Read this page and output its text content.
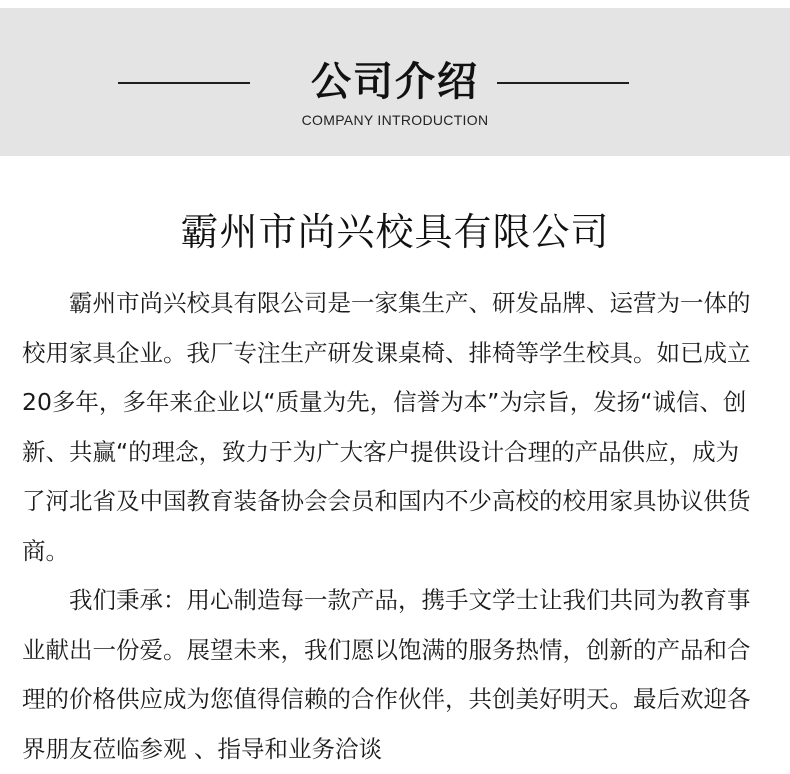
公司介绍
COMPANY INTRODUCTION
霸州市尚兴校具有限公司

霸州市尚兴校具有限公司是一家集生产、研发品牌、运营为一体的校用家具企业。我厂专注生产研发课桌椅、排椅等学生校具。如已成立20多年，多年来企业以“质量为先，信誉为本”为宗旨，发扬“诚信、创新、共赢“的理念，致力于为广大客户提供设计合理的产品供应，成为了河北省及中国教育装备协会会员和国内不少高校的校用家具协议供货商。

我们秉承：用心制造每一款产品，携手文学士让我们共同为教育事业献出一份爱。展望未来，我们愿以饱满的服务热情，创新的产品和合理的价格供应成为您值得信赖的合作伙伴，共创美好明天。最后欢迎各界朋友莅临参观 、指导和业务洽谈
